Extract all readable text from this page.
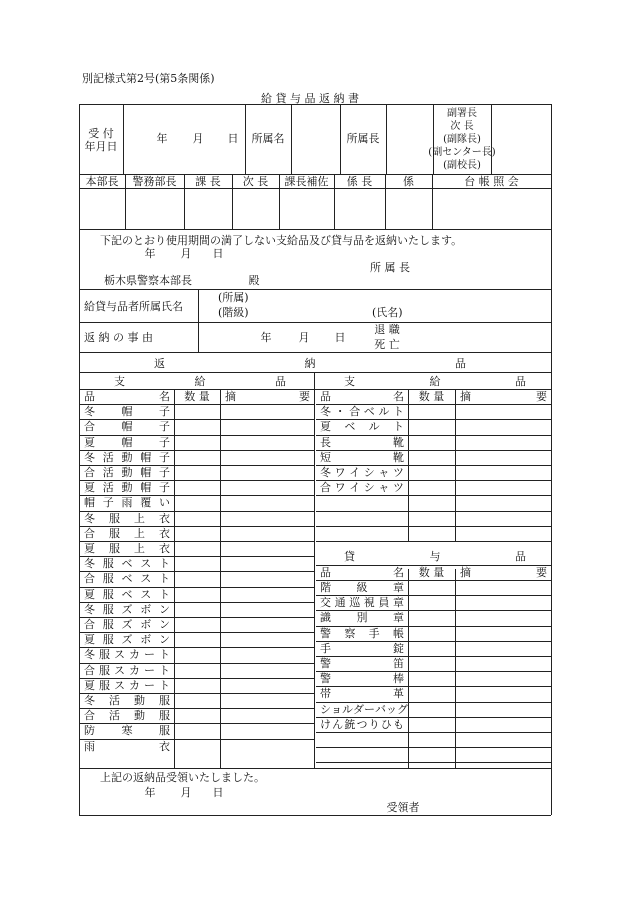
別記様式第2号(第5条関係)
給 貸 与 品 返 納 書
受 付
年月日
年	月	日	所属名	所属長
副署長
次 長
(副隊長)
(副センター長)
(副校長)
本部長	警務部長	課 長	次 長	課長補佐	係 長	係	台 帳 照 会
下記のとおり使用期間の満了しない支給品及び貸与品を返納いたします。
年	月	日
所 属 長
栃木県警察本部長	殿
給貸与品者所属氏名
(所属)
(階級)	(氏名)
返 納 の 事 由	年	月	日
退 職
死 亡
返	納	品
支	給	品	支	給	品
品	名	数 量	摘	要
冬 帽 子
合 帽 子
夏 帽 子
冬 活 動 帽 子
合 活 動 帽 子
夏 活 動 帽 子
帽 子 雨 覆 い
冬 服 上 衣
合 服 上 衣
夏 服 上 衣
冬 服 ベ ス ト
合 服 ベ ス ト
夏 服 ベ ス ト
冬 服 ズ ボ ン
合 服 ズ ボ ン
夏 服 ズ ボ ン
冬 服 ス カ ー ト
合 服 ス カ ー ト
夏 服 ス カ ー ト
冬 活 動 服
合 活 動 服
防 寒 服
雨	衣
品	名	数 量	摘	要
冬 ・ 合 ベ ル ト
夏 ベ ル ト
長	靴
短	靴
冬 ワ イ シ ャ ツ
合 ワ イ シ ャ ツ
貸	与	品
品	名	数 量	摘	要
階 級 章
交 通 巡 視 員 章
識 別 章
警 察 手 帳
手	錠
警	笛
警	棒
帯	革
シ ョ ル ダ ー バ ッ グ
け ん 銃 つ り ひ も
上記の返納品受領いたしました。
年	月	日
受領者
